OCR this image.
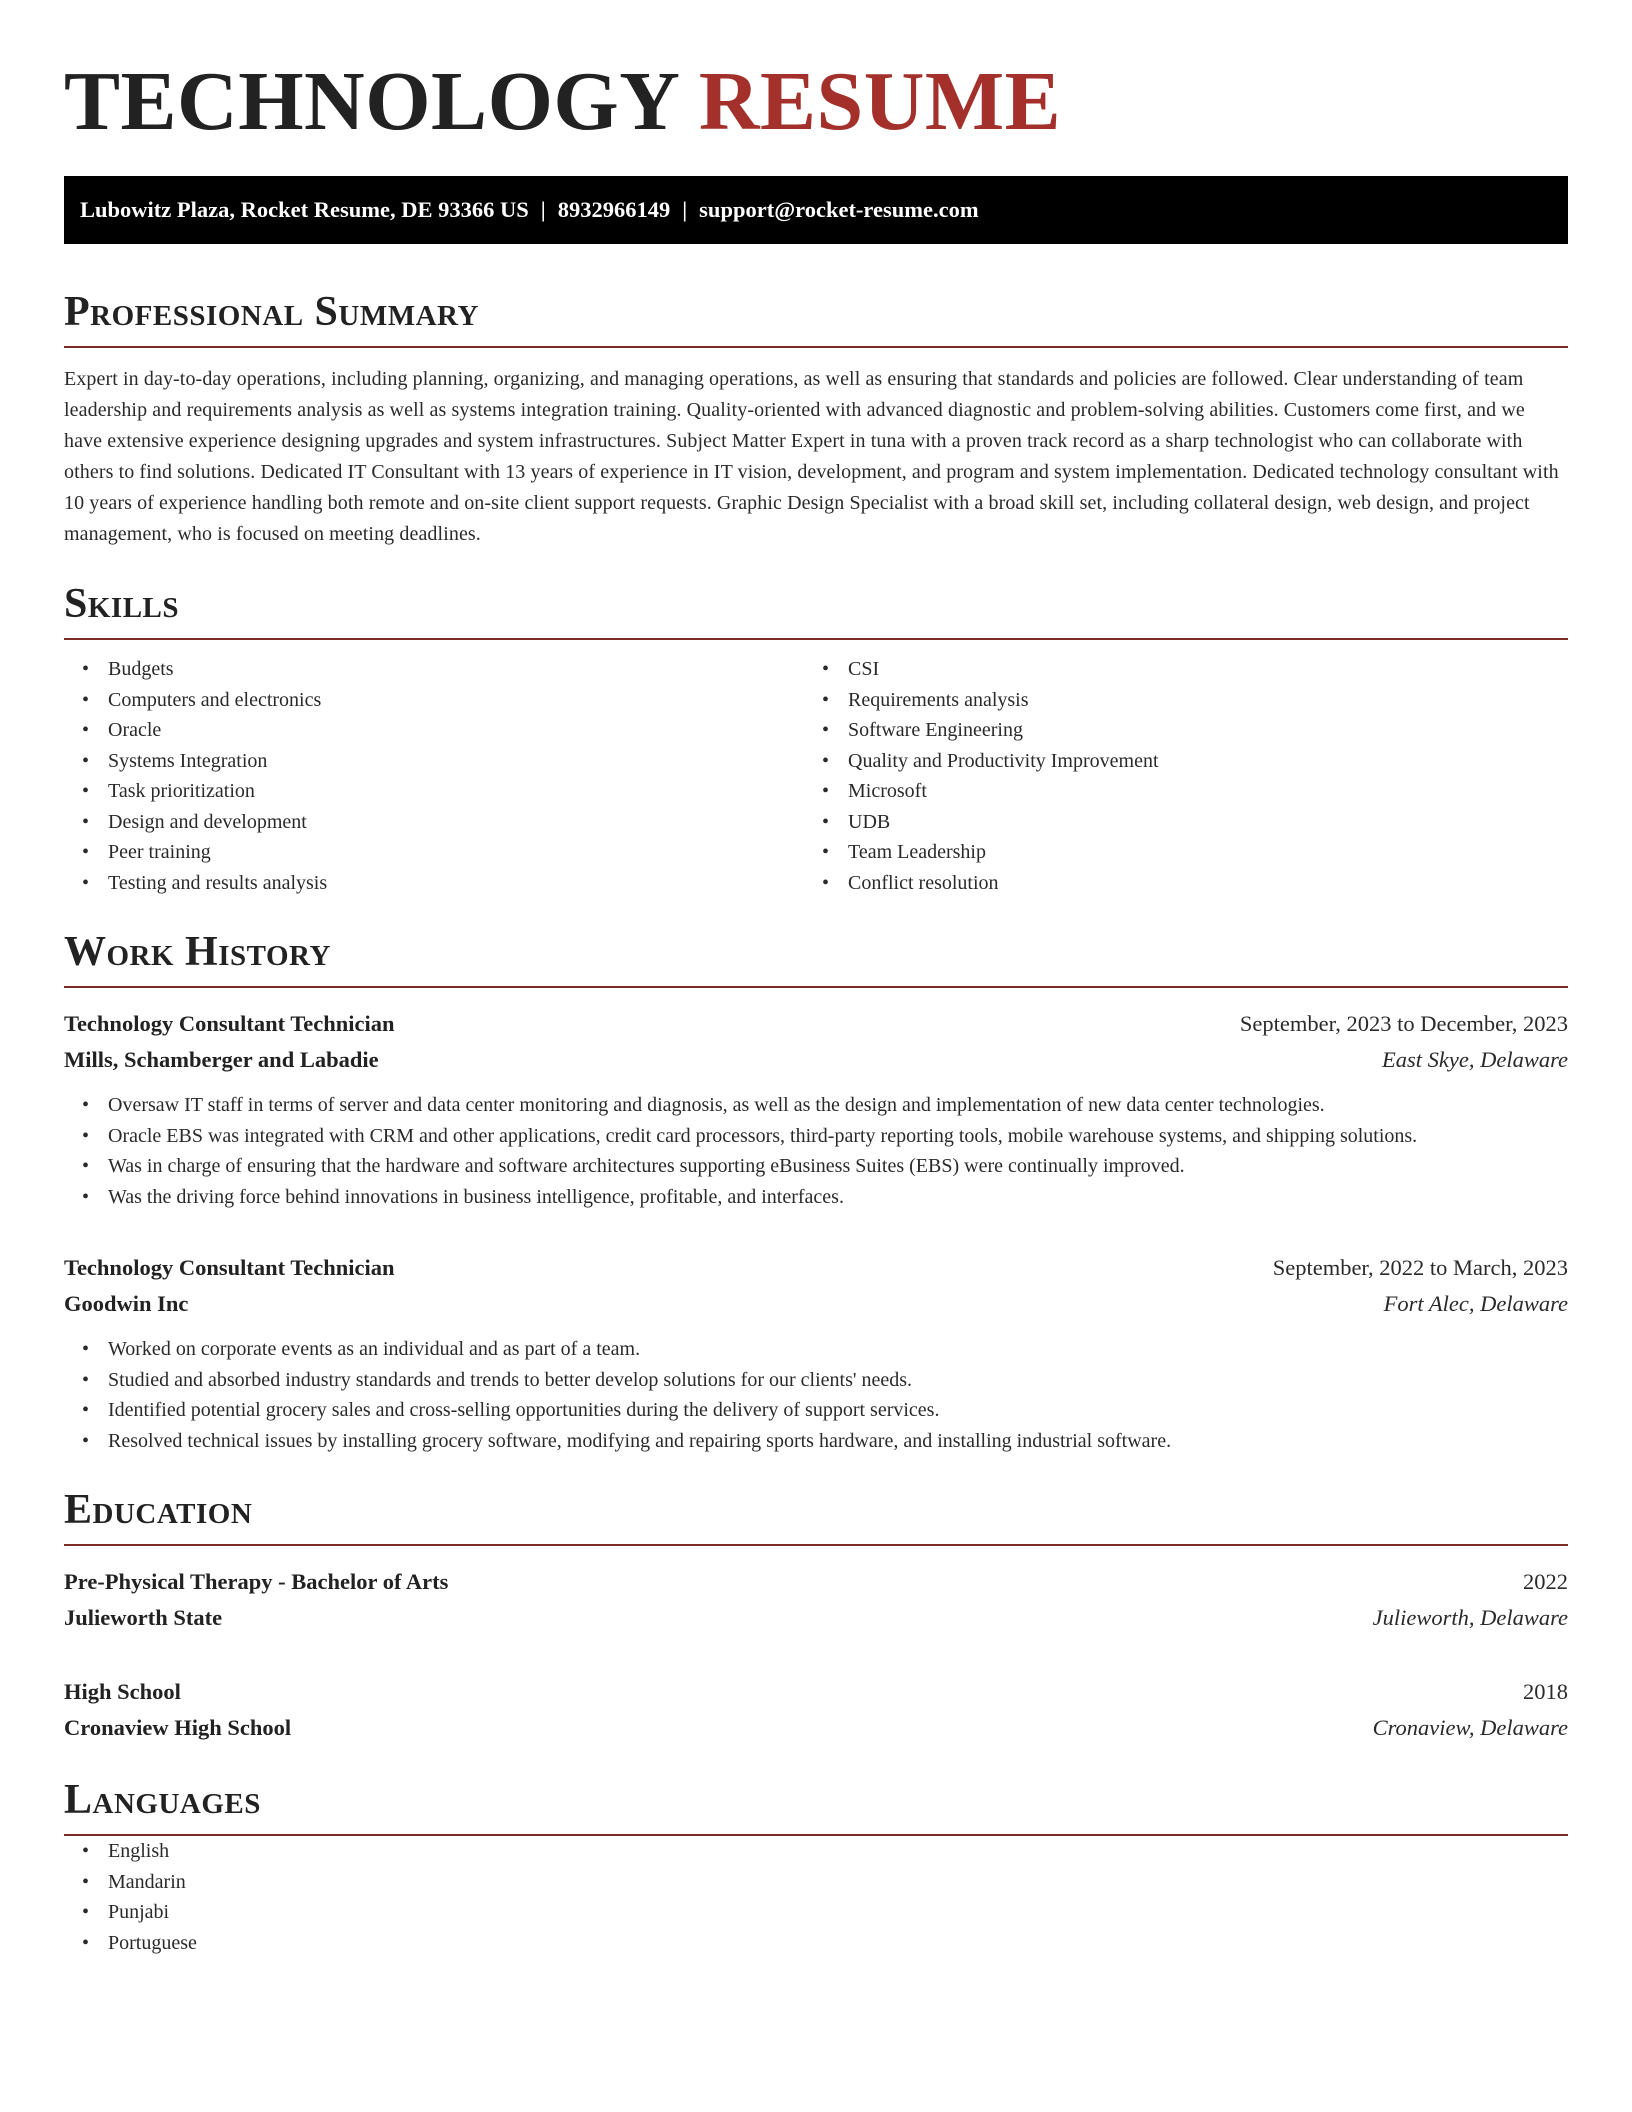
TECHNOLOGY RESUME
Lubowitz Plaza, Rocket Resume, DE 93366 US | 8932966149 | support@rocket-resume.com
Professional Summary

Expert in day-to-day operations, including planning, organizing, and managing operations, as well as ensuring that standards and policies are followed. Clear understanding of team leadership and requirements analysis as well as systems integration training. Quality-oriented with advanced diagnostic and problem-solving abilities. Customers come first, and we have extensive experience designing upgrades and system infrastructures. Subject Matter Expert in tuna with a proven track record as a sharp technologist who can collaborate with others to find solutions. Dedicated IT Consultant with 13 years of experience in IT vision, development, and program and system implementation. Dedicated technology consultant with 10 years of experience handling both remote and on-site client support requests. Graphic Design Specialist with a broad skill set, including collateral design, web design, and project management, who is focused on meeting deadlines.

Skills
• Budgets
• Computers and electronics
• Oracle
• Systems Integration
• Task prioritization
• Design and development
• Peer training
• Testing and results analysis
• CSI
• Requirements analysis
• Software Engineering
• Quality and Productivity Improvement
• Microsoft
• UDB
• Team Leadership
• Conflict resolution
Work History
Technology Consultant Technician	September, 2023 to December, 2023
Mills, Schamberger and Labadie	East Skye, Delaware
• Oversaw IT staff in terms of server and data center monitoring and diagnosis, as well as the design and implementation of new data center technologies.
• Oracle EBS was integrated with CRM and other applications, credit card processors, third-party reporting tools, mobile warehouse systems, and shipping solutions.
• Was in charge of ensuring that the hardware and software architectures supporting eBusiness Suites (EBS) were continually improved.
• Was the driving force behind innovations in business intelligence, profitable, and interfaces.
Technology Consultant Technician	September, 2022 to March, 2023
Goodwin Inc	Fort Alec, Delaware
• Worked on corporate events as an individual and as part of a team.
• Studied and absorbed industry standards and trends to better develop solutions for our clients' needs.
• Identified potential grocery sales and cross-selling opportunities during the delivery of support services.
• Resolved technical issues by installing grocery software, modifying and repairing sports hardware, and installing industrial software.
Education
Pre-Physical Therapy - Bachelor of Arts	2022
Julieworth State	Julieworth, Delaware
High School	2018
Cronaview High School	Cronaview, Delaware
Languages
• English
• Mandarin
• Punjabi
• Portuguese
